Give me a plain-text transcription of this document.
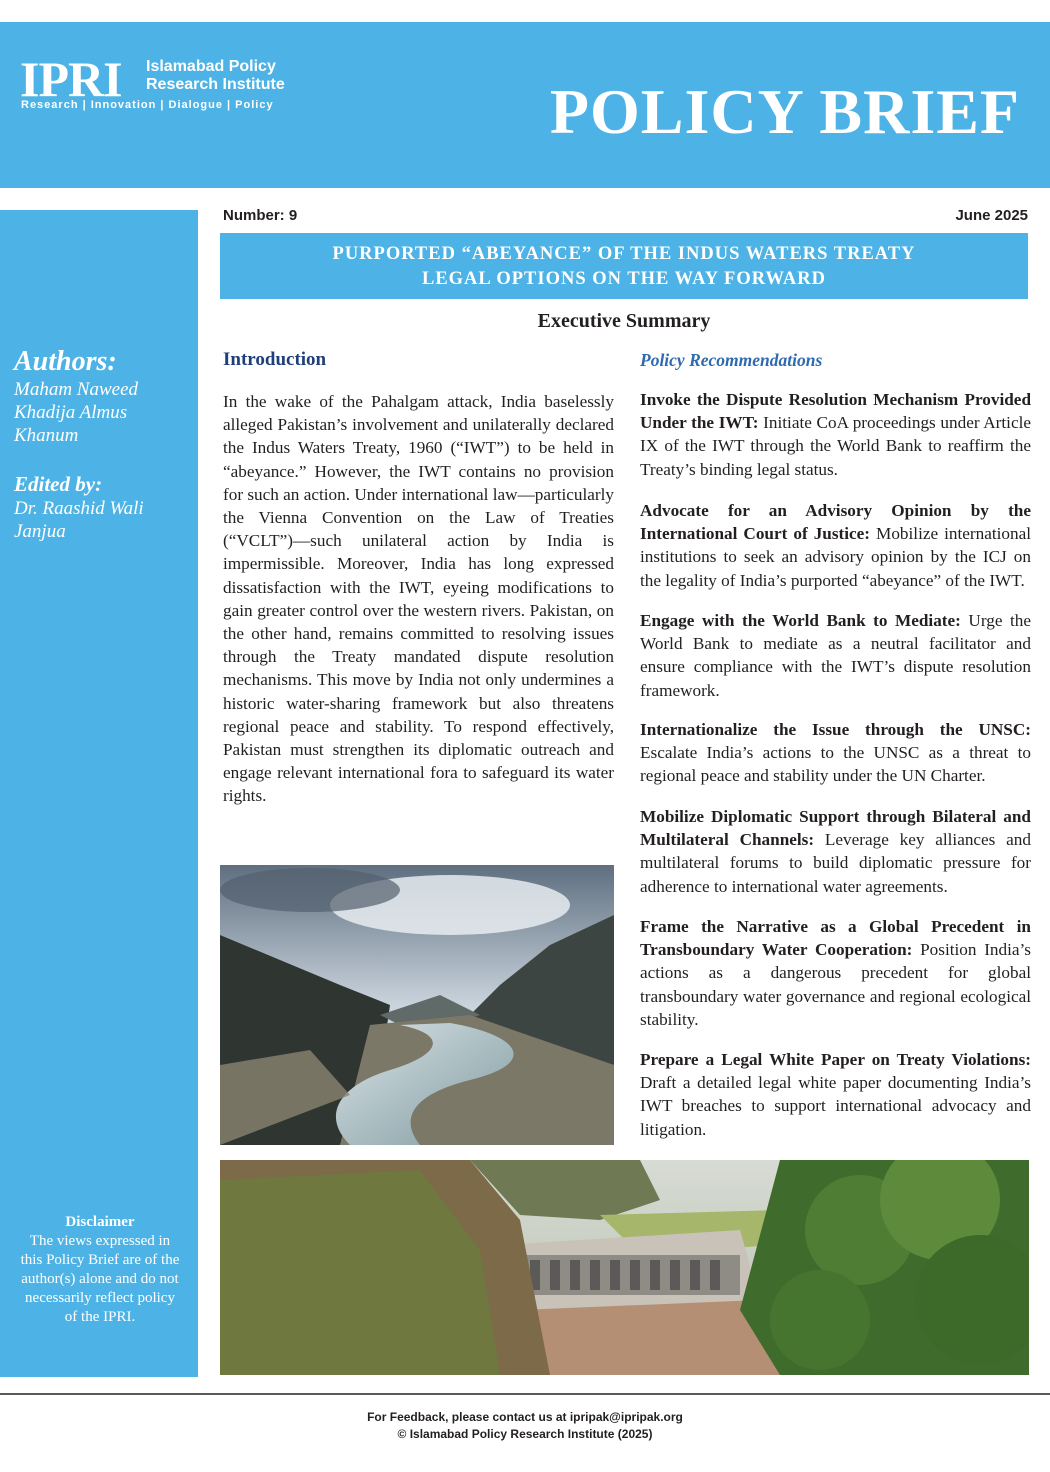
IPRI Islamabad Policy
Research Institute
Research | Innovation | Dialogue | Policy	POLICY BRIEF
Authors:
Maham Naweed
Khadija Almus
Khanum
Edited by:
Dr. Raashid Wali
Janjua
Disclaimer
The views expressed in
this Policy Brief are of the
author(s) alone and do not
necessarily reflect policy
of the IPRI.
Number: 9	June 2025
PURPORTED “ABEYANCE” OF THE INDUS WATERS TREATY
LEGAL OPTIONS ON THE WAY FORWARD
Executive Summary
Introduction
In the wake of the Pahalgam attack, India baselessly alleged Pakistan’s involvement and unilaterally declared the Indus Waters Treaty, 1960 (“IWT”) to be held in “abeyance.” However, the IWT contains no provision for such an action. Under international law—particularly the Vienna Convention on the Law of Treaties (“VCLT”)—such unilateral action by India is impermissible. Moreover, India has long expressed dissatisfaction with the IWT, eyeing modifications to gain greater control over the western rivers. Pakistan, on the other hand, remains committed to resolving issues through the Treaty mandated dispute resolution mechanisms. This move by India not only undermines a historic water-sharing framework but also threatens regional peace and stability. To respond effectively, Pakistan must strengthen its diplomatic outreach and engage relevant international fora to safeguard its water rights.
Policy Recommendations
Invoke the Dispute Resolution Mechanism Provided Under the IWT: Initiate CoA proceedings under Article IX of the IWT through the World Bank to reaffirm the Treaty’s binding legal status.
Advocate for an Advisory Opinion by the International Court of Justice: Mobilize international institutions to seek an advisory opinion by the ICJ on the legality of India’s purported “abeyance” of the IWT.
Engage with the World Bank to Mediate: Urge the World Bank to mediate as a neutral facilitator and ensure compliance with the IWT’s dispute resolution framework.
Internationalize the Issue through the UNSC: Escalate India’s actions to the UNSC as a threat to regional peace and stability under the UN Charter.
Mobilize Diplomatic Support through Bilateral and Multilateral Channels: Leverage key alliances and multilateral forums to build diplomatic pressure for adherence to international water agreements.
Frame the Narrative as a Global Precedent in Transboundary Water Cooperation: Position India’s actions as a dangerous precedent for global transboundary water governance and regional ecological stability.
Prepare a Legal White Paper on Treaty Violations: Draft a detailed legal white paper documenting India’s IWT breaches to support international advocacy and litigation.
For Feedback, please contact us at ipripak@ipripak.org
© Islamabad Policy Research Institute (2025)
